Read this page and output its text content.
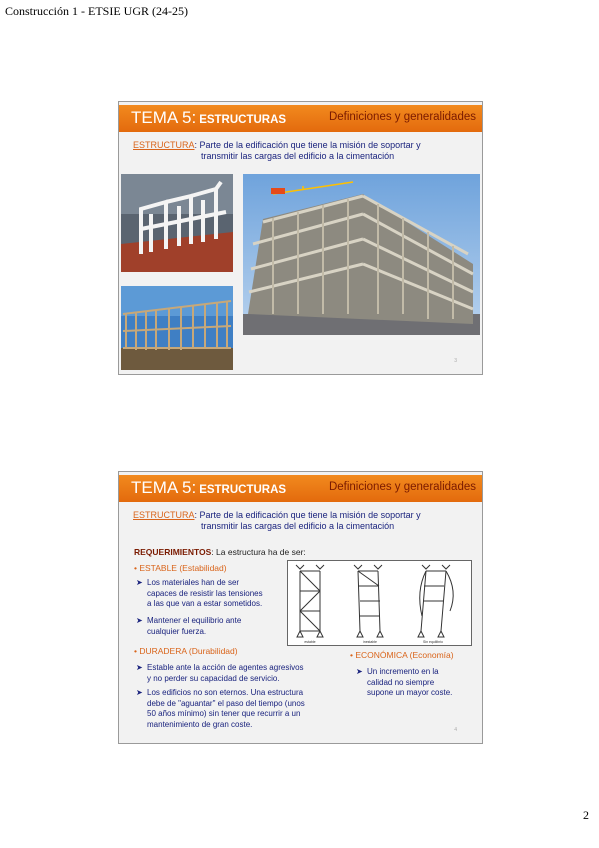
Construcción 1 - ETSIE UGR (24-25)
TEMA 5: ESTRUCTURAS	Definiciones y generalidades
ESTRUCTURA: Parte de la edificación que tiene la misión de soportar y
transmitir las cargas del edificio a la cimentación
3
TEMA 5: ESTRUCTURAS	Definiciones y generalidades
ESTRUCTURA: Parte de la edificación que tiene la misión de soportar y
transmitir las cargas del edificio a la cimentación
REQUERIMIENTOS: La estructura ha de ser:
• ESTABLE (Estabilidad)
➤ Los materiales han de ser
capaces de resistir las tensiones
a las que van a estar sometidos.
➤ Mantener el equilibrio ante
cualquier fuerza.
• DURADERA (Durabilidad)
➤ Estable ante la acción de agentes agresivos
y no perder su capacidad de servicio.
➤ Los edificios no son eternos. Una estructura
debe de "aguantar" el paso del tiempo (unos
50 años mínimo) sin tener que recurrir a un
mantenimiento de gran coste.
• ECONÓMICA (Economía)
➤ Un incremento en la
calidad no siempre
supone un mayor coste.
estable	inestable	Sin equilibrio
4
2
